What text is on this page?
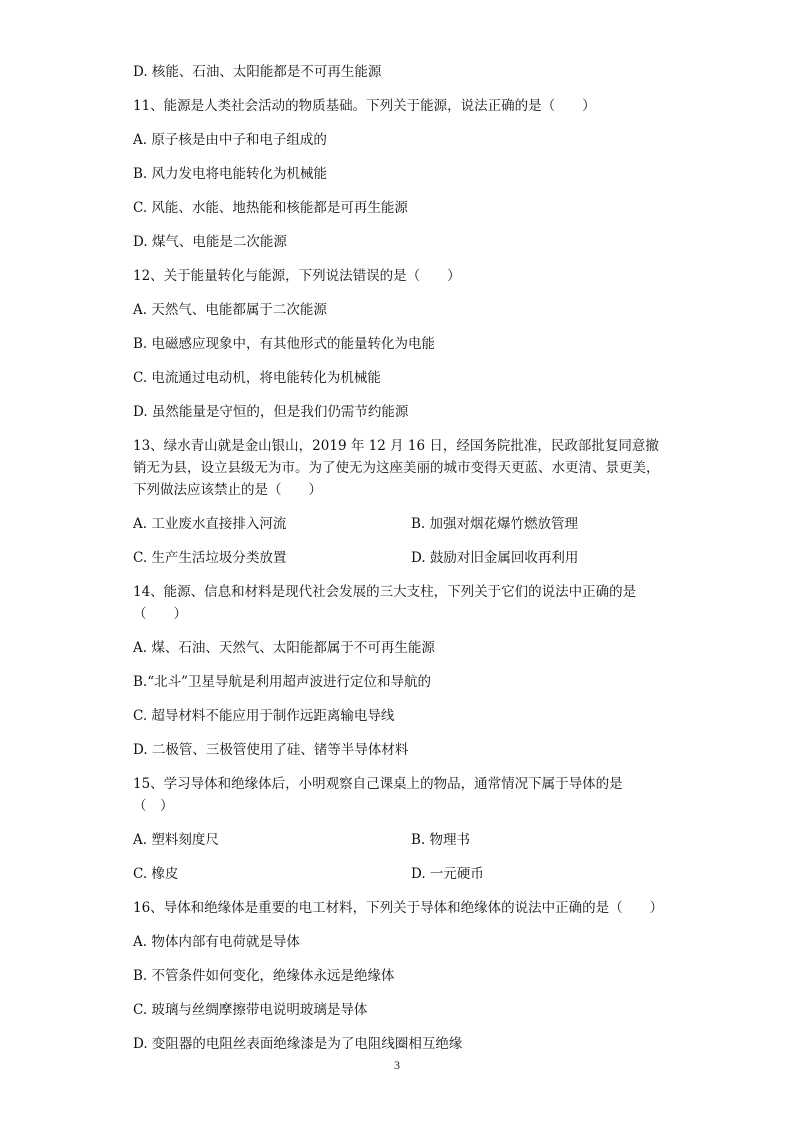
D. 核能、石油、太阳能都是不可再生能源
11、能源是人类社会活动的物质基础。下列关于能源，说法正确的是（　　）
A. 原子核是由中子和电子组成的
B. 风力发电将电能转化为机械能
C. 风能、水能、地热能和核能都是可再生能源
D. 煤气、电能是二次能源
12、关于能量转化与能源，下列说法错误的是（　　）
A. 天然气、电能都属于二次能源
B. 电磁感应现象中，有其他形式的能量转化为电能
C. 电流通过电动机，将电能转化为机械能
D. 虽然能量是守恒的，但是我们仍需节约能源
13、绿水青山就是金山银山，2019 年 12 月 16 日，经国务院批准，民政部批复同意撤
销无为县，设立县级无为市。为了使无为这座美丽的城市变得天更蓝、水更清、景更美，
下列做法应该禁止的是（　　）
A. 工业废水直接排入河流	B. 加强对烟花爆竹燃放管理
C. 生产生活垃圾分类放置	D. 鼓励对旧金属回收再利用
14、能源、信息和材料是现代社会发展的三大支柱，下列关于它们的说法中正确的是
（　　）
A. 煤、石油、天然气、太阳能都属于不可再生能源
B.“北斗”卫星导航是利用超声波进行定位和导航的
C. 超导材料不能应用于制作远距离输电导线
D. 二极管、三极管使用了硅、锗等半导体材料
15、学习导体和绝缘体后，小明观察自己课桌上的物品，通常情况下属于导体的是
（　）
A. 塑料刻度尺	B. 物理书
C. 橡皮	D. 一元硬币
16、导体和绝缘体是重要的电工材料，下列关于导体和绝缘体的说法中正确的是（　　）
A. 物体内部有电荷就是导体
B. 不管条件如何变化，绝缘体永远是绝缘体
C. 玻璃与丝绸摩擦带电说明玻璃是导体
D. 变阻器的电阻丝表面绝缘漆是为了电阻线圈相互绝缘
3
